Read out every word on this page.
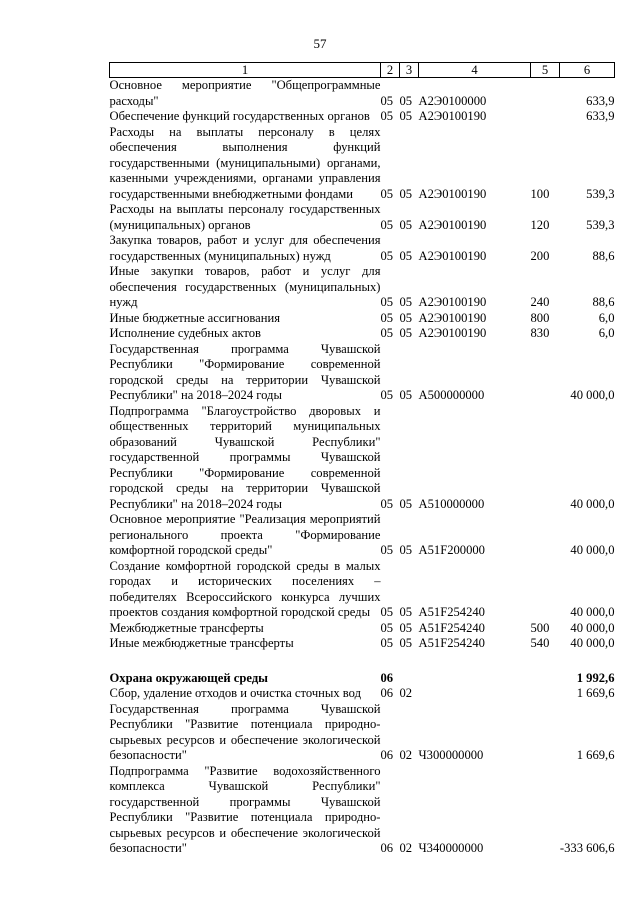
57
1	2	3	4	5	6
Основное мероприятие "Общепрограммные расходы"	05	05	А2Э0100000		633,9
Обеспечение функций государственных органов	05	05	А2Э0100190		633,9
Расходы на выплаты персоналу в целях обеспечения выполнения функций государственными (муниципальными) органами, казенными учреждениями, органами управления государственными внебюджетными фондами	05	05	А2Э0100190	100	539,3
Расходы на выплаты персоналу государственных (муниципальных) органов	05	05	А2Э0100190	120	539,3
Закупка товаров, работ и услуг для обеспечения государственных (муниципальных) нужд	05	05	А2Э0100190	200	88,6
Иные закупки товаров, работ и услуг для обеспечения государственных (муниципальных) нужд	05	05	А2Э0100190	240	88,6
Иные бюджетные ассигнования	05	05	А2Э0100190	800	6,0
Исполнение судебных актов	05	05	А2Э0100190	830	6,0
Государственная программа Чувашской Республики "Формирование современной городской среды на территории Чувашской Республики" на 2018–2024 годы	05	05	А500000000		40 000,0
Подпрограмма "Благоустройство дворовых и общественных территорий муниципальных образований Чувашской Республики" государственной программы Чувашской Республики "Формирование современной городской среды на территории Чувашской Республики" на 2018–2024 годы	05	05	А510000000		40 000,0
Основное мероприятие "Реализация мероприятий регионального проекта "Формирование комфортной городской среды"	05	05	А51F200000		40 000,0
Создание комфортной городской среды в малых городах и исторических поселениях – победителях Всероссийского конкурса лучших проектов создания комфортной городской среды	05	05	А51F254240		40 000,0
Межбюджетные трансферты	05	05	А51F254240	500	40 000,0
Иные межбюджетные трансферты	05	05	А51F254240	540	40 000,0
Охрана окружающей среды	06				1 992,6
Сбор, удаление отходов и очистка сточных вод	06	02			1 669,6
Государственная программа Чувашской Республики "Развитие потенциала природно-сырьевых ресурсов и обеспечение экологической безопасности"	06	02	Ч300000000		1 669,6
Подпрограмма "Развитие водохозяйственного комплекса Чувашской Республики" государственной программы Чувашской Республики "Развитие потенциала природно-сырьевых ресурсов и обеспечение экологической безопасности"	06	02	Ч340000000		-333 606,6
